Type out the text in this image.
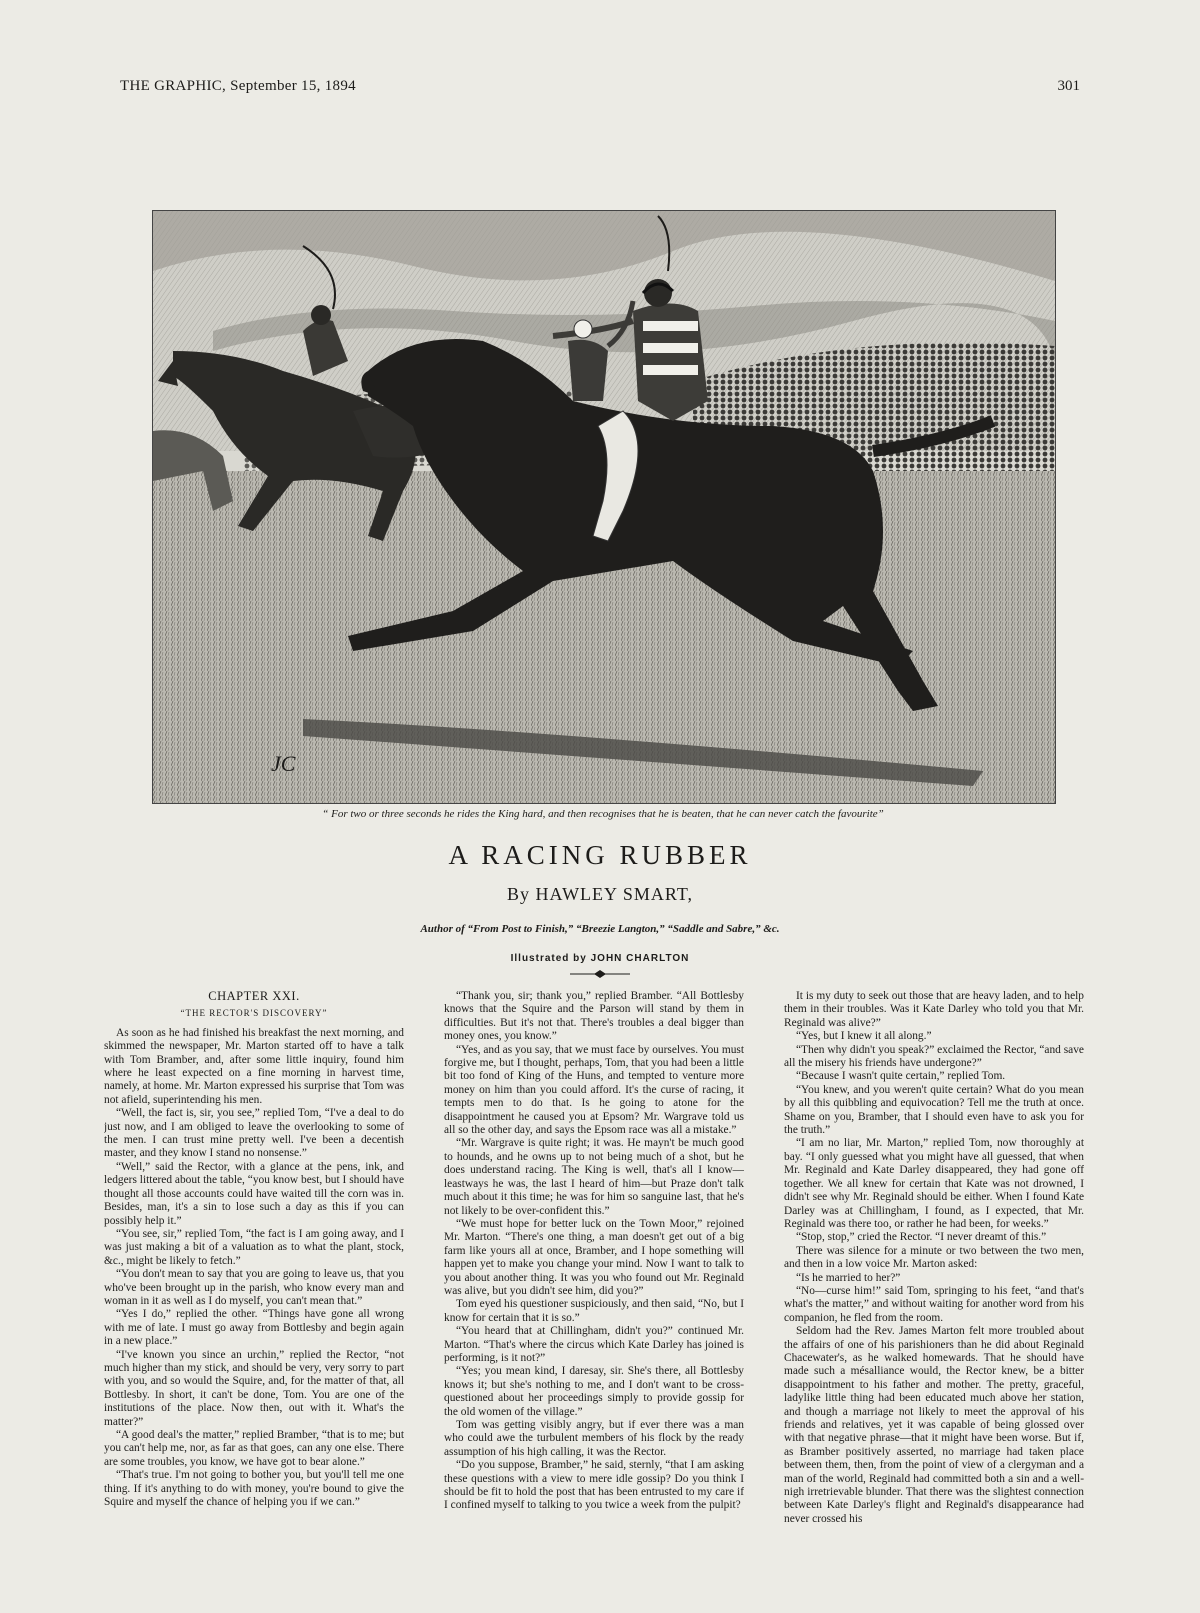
THE GRAPHIC, September 15, 1894	301
JC
“ For two or three seconds he rides the King hard, and then recognises that he is beaten, that he can never catch the favourite”
A RACING RUBBER
By HAWLEY SMART,
Author of “From Post to Finish,” “Breezie Langton,” “Saddle and Sabre,” &c.
Illustrated by JOHN CHARLTON
CHAPTER XXI.
“THE RECTOR'S DISCOVERY”

As soon as he had finished his breakfast the next morning, and skimmed the newspaper, Mr. Marton started off to have a talk with Tom Bramber, and, after some little inquiry, found him where he least expected on a fine morning in harvest time, namely, at home. Mr. Marton expressed his surprise that Tom was not afield, superintending his men.

“Well, the fact is, sir, you see,” replied Tom, “I've a deal to do just now, and I am obliged to leave the overlooking to some of the men. I can trust mine pretty well. I've been a decentish master, and they know I stand no nonsense.”

“Well,” said the Rector, with a glance at the pens, ink, and ledgers littered about the table, “you know best, but I should have thought all those accounts could have waited till the corn was in. Besides, man, it's a sin to lose such a day as this if you can possibly help it.”

“You see, sir,” replied Tom, “the fact is I am going away, and I was just making a bit of a valuation as to what the plant, stock, &c., might be likely to fetch.”

“You don't mean to say that you are going to leave us, that you who've been brought up in the parish, who know every man and woman in it as well as I do myself, you can't mean that.”

“Yes I do,” replied the other. “Things have gone all wrong with me of late. I must go away from Bottlesby and begin again in a new place.”

“I've known you since an urchin,” replied the Rector, “not much higher than my stick, and should be very, very sorry to part with you, and so would the Squire, and, for the matter of that, all Bottlesby. In short, it can't be done, Tom. You are one of the institutions of the place. Now then, out with it. What's the matter?”

“A good deal's the matter,” replied Bramber, “that is to me; but you can't help me, nor, as far as that goes, can any one else. There are some troubles, you know, we have got to bear alone.”

“That's true. I'm not going to bother you, but you'll tell me one thing. If it's anything to do with money, you're bound to give the Squire and myself the chance of helping you if we can.”

“Thank you, sir; thank you,” replied Bramber. “All Bottlesby knows that the Squire and the Parson will stand by them in difficulties. But it's not that. There's troubles a deal bigger than money ones, you know.”

“Yes, and as you say, that we must face by ourselves. You must forgive me, but I thought, perhaps, Tom, that you had been a little bit too fond of King of the Huns, and tempted to venture more money on him than you could afford. It's the curse of racing, it tempts men to do that. Is he going to atone for the disappointment he caused you at Epsom? Mr. Wargrave told us all so the other day, and says the Epsom race was all a mistake.”

“Mr. Wargrave is quite right; it was. He mayn't be much good to hounds, and he owns up to not being much of a shot, but he does understand racing. The King is well, that's all I know—leastways he was, the last I heard of him—but Praze don't talk much about it this time; he was for him so sanguine last, that he's not likely to be over-confident this.”

“We must hope for better luck on the Town Moor,” rejoined Mr. Marton. “There's one thing, a man doesn't get out of a big farm like yours all at once, Bramber, and I hope something will happen yet to make you change your mind. Now I want to talk to you about another thing. It was you who found out Mr. Reginald was alive, but you didn't see him, did you?”

Tom eyed his questioner suspiciously, and then said, “No, but I know for certain that it is so.”

“You heard that at Chillingham, didn't you?” continued Mr. Marton. “That's where the circus which Kate Darley has joined is performing, is it not?”

“Yes; you mean kind, I daresay, sir. She's there, all Bottlesby knows it; but she's nothing to me, and I don't want to be cross-questioned about her proceedings simply to provide gossip for the old women of the village.”

Tom was getting visibly angry, but if ever there was a man who could awe the turbulent members of his flock by the ready assumption of his high calling, it was the Rector.

“Do you suppose, Bramber,” he said, sternly, “that I am asking these questions with a view to mere idle gossip? Do you think I should be fit to hold the post that has been entrusted to my care if I confined myself to talking to you twice a week from the pulpit?

It is my duty to seek out those that are heavy laden, and to help them in their troubles. Was it Kate Darley who told you that Mr. Reginald was alive?”

“Yes, but I knew it all along.”

“Then why didn't you speak?” exclaimed the Rector, “and save all the misery his friends have undergone?”

“Because I wasn't quite certain,” replied Tom.

“You knew, and you weren't quite certain? What do you mean by all this quibbling and equivocation? Tell me the truth at once. Shame on you, Bramber, that I should even have to ask you for the truth.”

“I am no liar, Mr. Marton,” replied Tom, now thoroughly at bay. “I only guessed what you might have all guessed, that when Mr. Reginald and Kate Darley disappeared, they had gone off together. We all knew for certain that Kate was not drowned, I didn't see why Mr. Reginald should be either. When I found Kate Darley was at Chillingham, I found, as I expected, that Mr. Reginald was there too, or rather he had been, for weeks.”

“Stop, stop,” cried the Rector. “I never dreamt of this.”

There was silence for a minute or two between the two men, and then in a low voice Mr. Marton asked:

“Is he married to her?”

“No—curse him!” said Tom, springing to his feet, “and that's what's the matter,” and without waiting for another word from his companion, he fled from the room.

Seldom had the Rev. James Marton felt more troubled about the affairs of one of his parishioners than he did about Reginald Chacewater's, as he walked homewards. That he should have made such a mésalliance would, the Rector knew, be a bitter disappointment to his father and mother. The pretty, graceful, ladylike little thing had been educated much above her station, and though a marriage not likely to meet the approval of his friends and relatives, yet it was capable of being glossed over with that negative phrase—that it might have been worse. But if, as Bramber positively asserted, no marriage had taken place between them, then, from the point of view of a clergyman and a man of the world, Reginald had committed both a sin and a well-nigh irretrievable blunder. That there was the slightest connection between Kate Darley's flight and Reginald's disappearance had never crossed his
